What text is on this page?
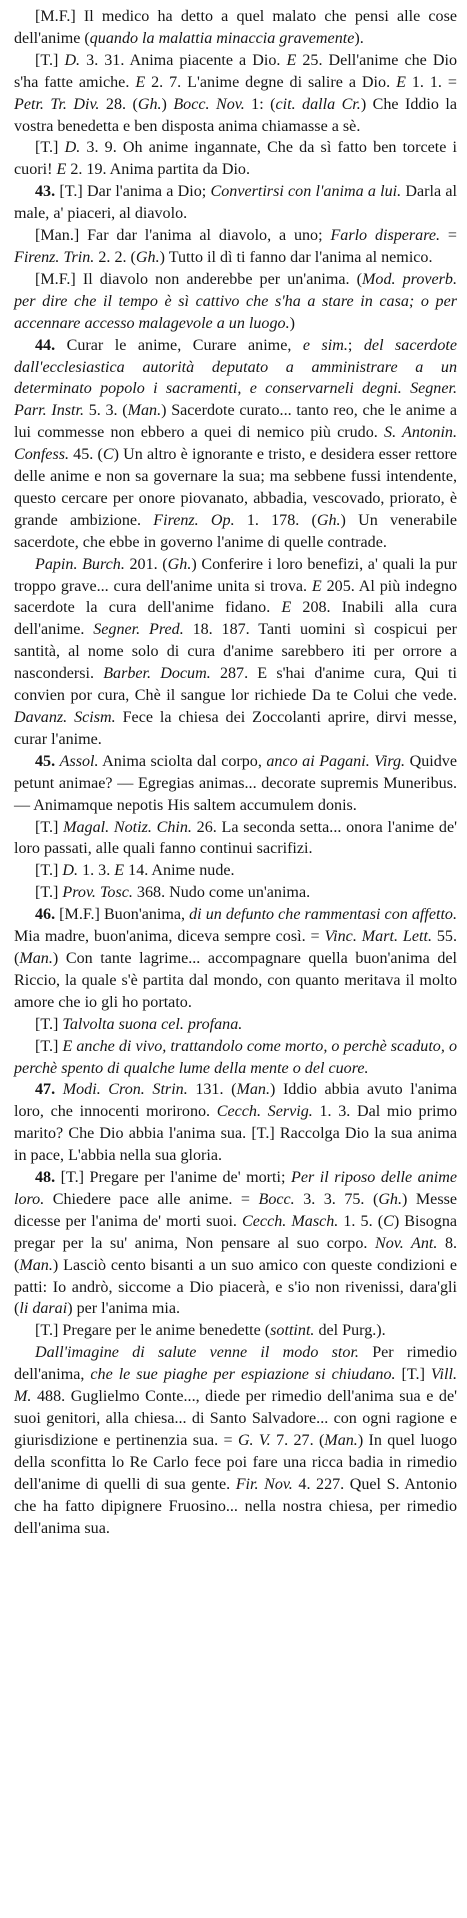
[M.F.] Il medico ha detto a quel malato che pensi alle cose dell'anime (quando la malattia minaccia gravemente).

[T.] D. 3. 31. Anima piacente a Dio. E 25. Dell'anime che Dio s'ha fatte amiche. E 2. 7. L'anime degne di salire a Dio. E 1. 1. = Petr. Tr. Div. 28. (Gh.) Bocc. Nov. 1: (cit. dalla Cr.) Che Iddio la vostra benedetta e ben disposta anima chiamasse a sè.

[T.] D. 3. 9. Oh anime ingannate, Che da sì fatto ben torcete i cuori! E 2. 19. Anima partita da Dio.

43. [T.] Dar l'anima a Dio; Convertirsi con l'anima a lui. Darla al male, a' piaceri, al diavolo.

[Man.] Far dar l'anima al diavolo, a uno; Farlo disperare. = Firenz. Trin. 2. 2. (Gh.) Tutto il dì ti fanno dar l'anima al nemico.

[M.F.] Il diavolo non anderebbe per un'anima. (Mod. proverb. per dire che il tempo è sì cattivo che s'ha a stare in casa; o per accennare accesso malagevole a un luogo.)

44. Curar le anime, Curare anime, e sim.; del sacerdote dall'ecclesiastica autorità deputato a amministrare a un determinato popolo i sacramenti, e conservarneli degni. Segner. Parr. Instr. 5. 3. (Man.) Sacerdote curato... tanto reo, che le anime a lui commesse non ebbero a quei di nemico più crudo. S. Antonin. Confess. 45. (C) Un altro è ignorante e tristo, e desidera esser rettore delle anime e non sa governare la sua; ma sebbene fussi intendente, questo cercare per onore piovanato, abbadia, vescovado, priorato, è grande ambizione. Firenz. Op. 1. 178. (Gh.) Un venerabile sacerdote, che ebbe in governo l'anime di quelle contrade.

Papin. Burch. 201. (Gh.) Conferire i loro benefizi, a' quali la pur troppo grave... cura dell'anime unita si trova. E 205. Al più indegno sacerdote la cura dell'anime fidano. E 208. Inabili alla cura dell'anime. Segner. Pred. 18. 187. Tanti uomini sì cospicui per santità, al nome solo di cura d'anime sarebbero iti per orrore a nascondersi. Barber. Docum. 287. E s'hai d'anime cura, Qui ti convien por cura, Chè il sangue lor richiede Da te Colui che vede. Davanz. Scism. Fece la chiesa dei Zoccolanti aprire, dirvi messe, curar l'anime.

45. Assol. Anima sciolta dal corpo, anco ai Pagani. Virg. Quidve petunt animae? — Egregias animas... decorate supremis Muneribus. — Animamque nepotis His saltem accumulem donis.

[T.] Magal. Notiz. Chin. 26. La seconda setta... onora l'anime de' loro passati, alle quali fanno continui sacrifizi.

[T.] D. 1. 3. E 14. Anime nude.

[T.] Prov. Tosc. 368. Nudo come un'anima.

46. [M.F.] Buon'anima, di un defunto che rammentasi con affetto. Mia madre, buon'anima, diceva sempre così. = Vinc. Mart. Lett. 55. (Man.) Con tante lagrime... accompagnare quella buon'anima del Riccio, la quale s'è partita dal mondo, con quanto meritava il molto amore che io gli ho portato.

[T.] Talvolta suona cel. profana.

[T.] E anche di vivo, trattandolo come morto, o perchè scaduto, o perchè spento di qualche lume della mente o del cuore.

47. Modi. Cron. Strin. 131. (Man.) Iddio abbia avuto l'anima loro, che innocenti morirono. Cecch. Servig. 1. 3. Dal mio primo marito? Che Dio abbia l'anima sua. [T.] Raccolga Dio la sua anima in pace, L'abbia nella sua gloria.

48. [T.] Pregare per l'anime de' morti; Per il riposo delle anime loro. Chiedere pace alle anime. = Bocc. 3. 3. 75. (Gh.) Messe dicesse per l'anima de' morti suoi. Cecch. Masch. 1. 5. (C) Bisogna pregar per la su' anima, Non pensare al suo corpo. Nov. Ant. 8. (Man.) Lasciò cento bisanti a un suo amico con queste condizioni e patti: Io andrò, siccome a Dio piacerà, e s'io non rivenissi, dara'gli (li darai) per l'anima mia.

[T.] Pregare per le anime benedette (sottint. del Purg.).

Dall'imagine di salute venne il modo stor. Per rimedio dell'anima, che le sue piaghe per espiazione si chiudano. [T.] Vill. M. 488. Guglielmo Conte..., diede per rimedio dell'anima sua e de' suoi genitori, alla chiesa... di Santo Salvadore... con ogni ragione e giurisdizione e pertinenzia sua. = G. V. 7. 27. (Man.) In quel luogo della sconfitta lo Re Carlo fece poi fare una ricca badia in rimedio dell'anime di quelli di sua gente. Fir. Nov. 4. 227. Quel S. Antonio che ha fatto dipignere Fruosino... nella nostra chiesa, per rimedio dell'anima sua.
